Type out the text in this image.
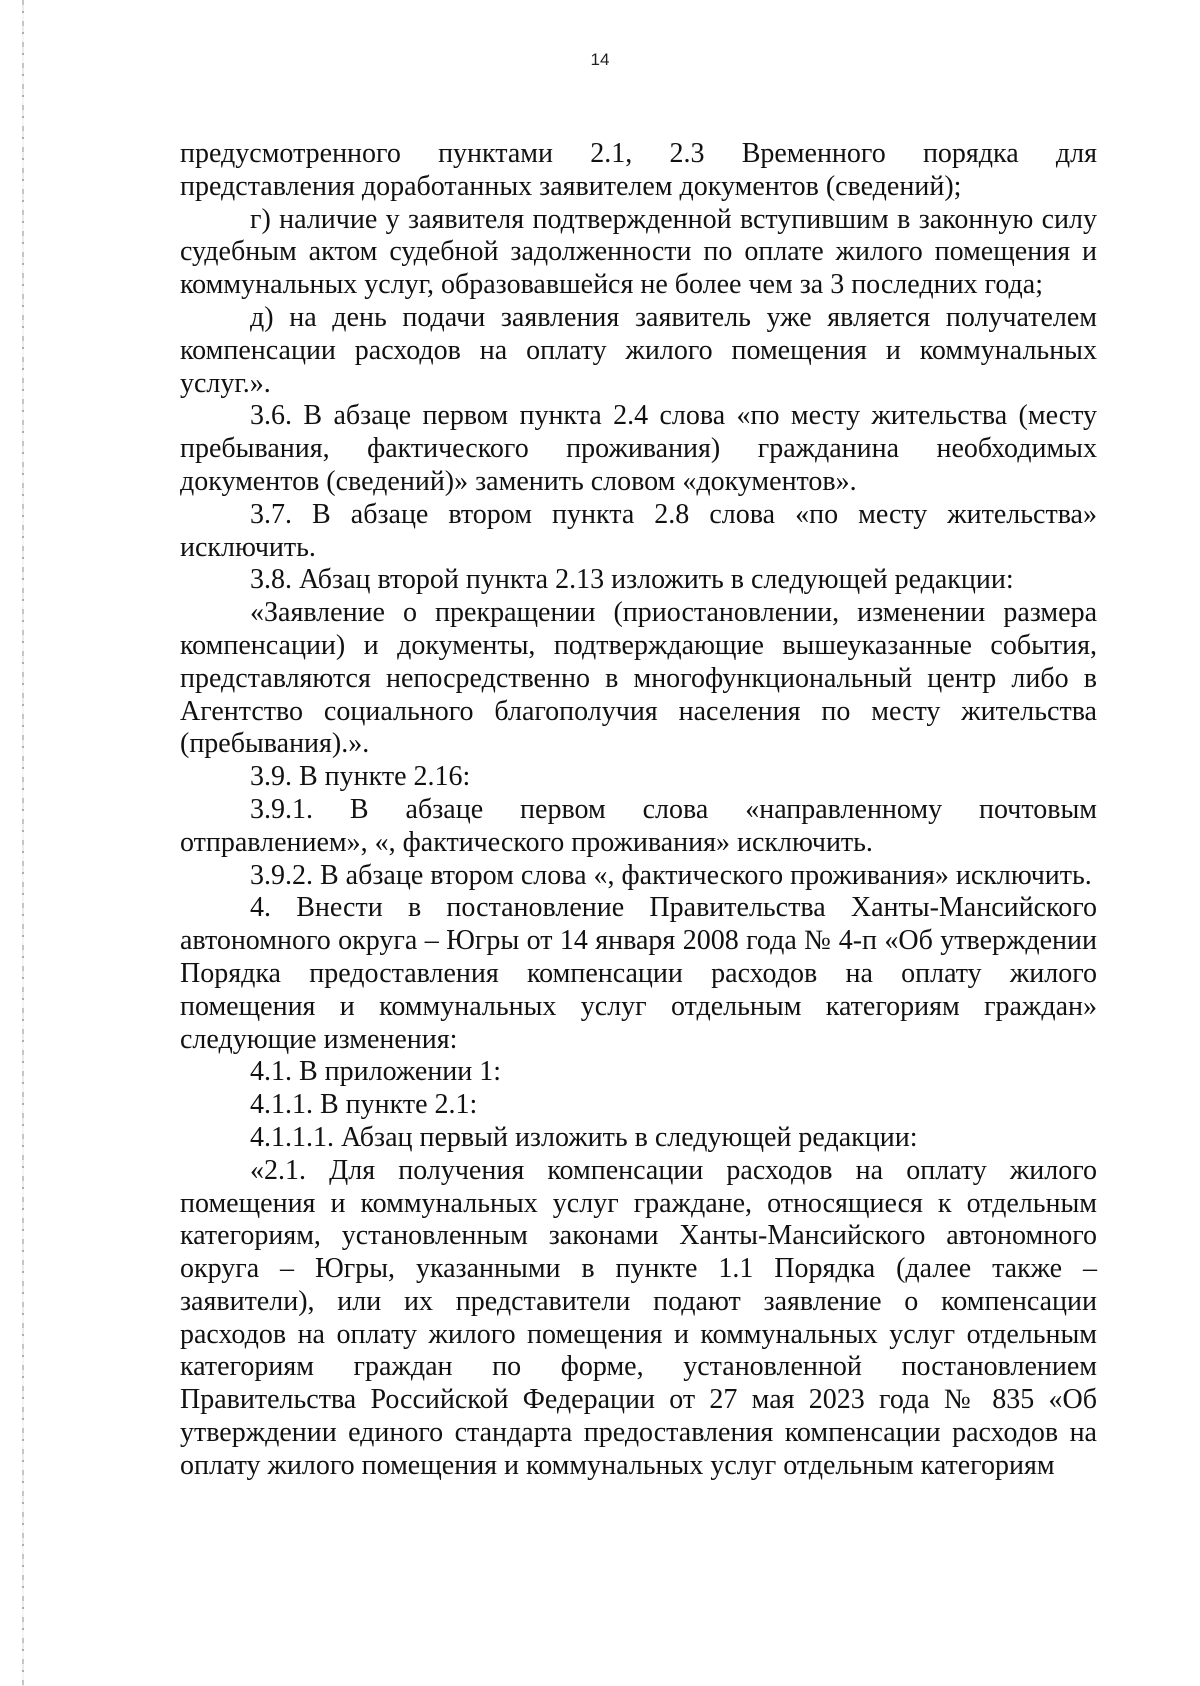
14

предусмотренного пунктами 2.1, 2.3 Временного порядка для представления доработанных заявителем документов (сведений);

г) наличие у заявителя подтвержденной вступившим в законную силу судебным актом судебной задолженности по оплате жилого помещения и коммунальных услуг, образовавшейся не более чем за 3 последних года;

д) на день подачи заявления заявитель уже является получателем компенсации расходов на оплату жилого помещения и коммунальных услуг.».

3.6. В абзаце первом пункта 2.4 слова «по месту жительства (месту пребывания, фактического проживания) гражданина необходимых документов (сведений)» заменить словом «документов».

3.7. В абзаце втором пункта 2.8 слова «по месту жительства» исключить.

3.8. Абзац второй пункта 2.13 изложить в следующей редакции:

«Заявление о прекращении (приостановлении, изменении размера компенсации) и документы, подтверждающие вышеуказанные события, представляются непосредственно в многофункциональный центр либо в Агентство социального благополучия населения по месту жительства (пребывания).».

3.9. В пункте 2.16:

3.9.1. В абзаце первом слова «направленному почтовым отправлением», «, фактического проживания» исключить.

3.9.2. В абзаце втором слова «, фактического проживания» исключить.

4. Внести в постановление Правительства Ханты-Мансийского автономного округа – Югры от 14 января 2008 года № 4-п «Об утверждении Порядка предоставления компенсации расходов на оплату жилого помещения и коммунальных услуг отдельным категориям граждан» следующие изменения:

4.1. В приложении 1:

4.1.1. В пункте 2.1:

4.1.1.1. Абзац первый изложить в следующей редакции:

«2.1. Для получения компенсации расходов на оплату жилого помещения и коммунальных услуг граждане, относящиеся к отдельным категориям, установленным законами Ханты-Мансийского автономного округа – Югры, указанными в пункте 1.1 Порядка (далее также – заявители), или их представители подают заявление о компенсации расходов на оплату жилого помещения и коммунальных услуг отдельным категориям граждан по форме, установленной постановлением Правительства Российской Федерации от 27 мая 2023 года № 835 «Об утверждении единого стандарта предоставления компенсации расходов на оплату жилого помещения и коммунальных услуг отдельным категориям
